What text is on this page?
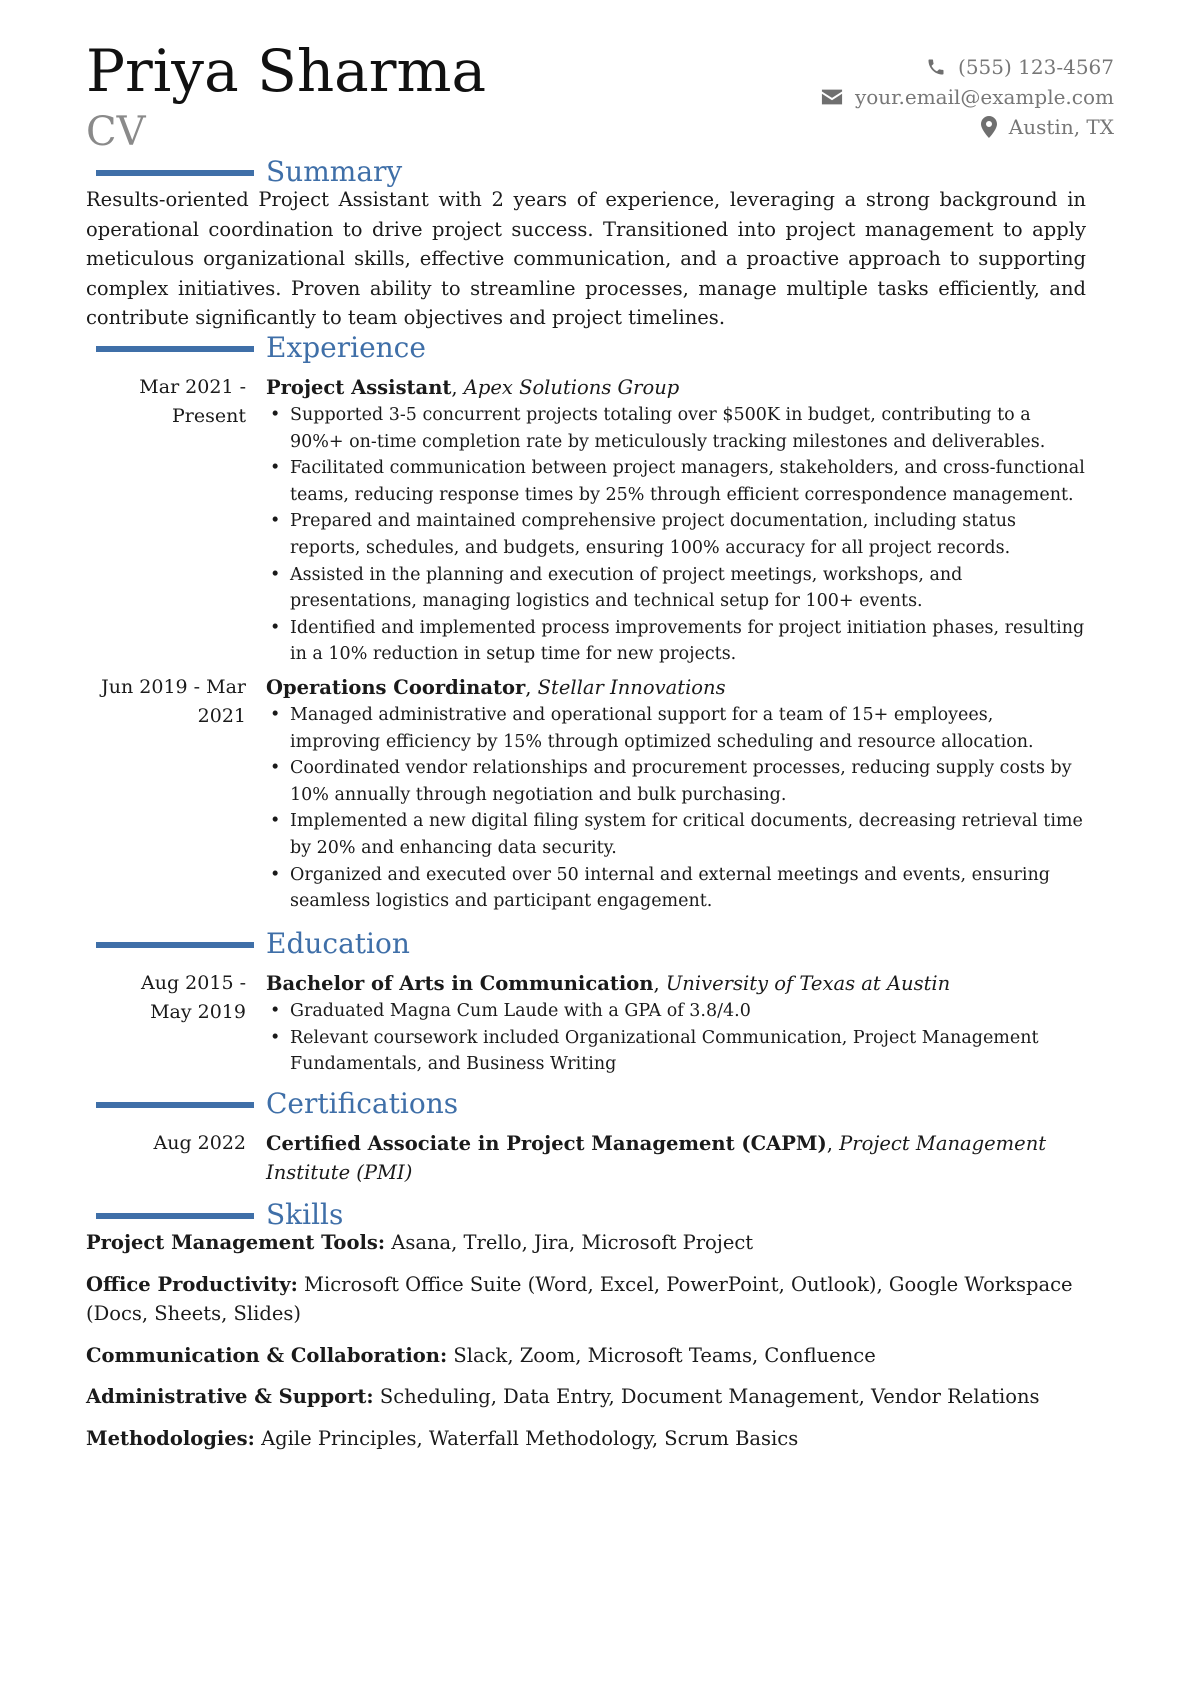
Priya Sharma
CV
(555) 123-4567
your.email@example.com
Austin, TX
Summary
Results-oriented Project Assistant with 2 years of experience, leveraging a strong background in operational coordination to drive project success. Transitioned into project management to apply meticulous organizational skills, effective communication, and a proactive approach to supporting complex initiatives. Proven ability to streamline processes, manage multiple tasks efficiently, and contribute significantly to team objectives and project timelines.
Experience
Mar 2021 -
Present
Project Assistant, Apex Solutions Group
• Supported 3-5 concurrent projects totaling over $500K in budget, contributing to a 90%+ on-time completion rate by meticulously tracking milestones and deliverables.
• Facilitated communication between project managers, stakeholders, and cross-functional teams, reducing response times by 25% through efficient correspondence management.
• Prepared and maintained comprehensive project documentation, including status reports, schedules, and budgets, ensuring 100% accuracy for all project records.
• Assisted in the planning and execution of project meetings, workshops, and presentations, managing logistics and technical setup for 100+ events.
• Identified and implemented process improvements for project initiation phases, resulting in a 10% reduction in setup time for new projects.
Jun 2019 - Mar
2021
Operations Coordinator, Stellar Innovations
• Managed administrative and operational support for a team of 15+ employees, improving efficiency by 15% through optimized scheduling and resource allocation.
• Coordinated vendor relationships and procurement processes, reducing supply costs by 10% annually through negotiation and bulk purchasing.
• Implemented a new digital filing system for critical documents, decreasing retrieval time by 20% and enhancing data security.
• Organized and executed over 50 internal and external meetings and events, ensuring seamless logistics and participant engagement.
Education
Aug 2015 -
May 2019
Bachelor of Arts in Communication, University of Texas at Austin
• Graduated Magna Cum Laude with a GPA of 3.8/4.0
• Relevant coursework included Organizational Communication, Project Management Fundamentals, and Business Writing
Certifications
Aug 2022 Certified Associate in Project Management (CAPM), Project Management Institute (PMI)
Skills
Project Management Tools: Asana, Trello, Jira, Microsoft Project
Office Productivity: Microsoft Office Suite (Word, Excel, PowerPoint, Outlook), Google Workspace (Docs, Sheets, Slides)
Communication & Collaboration: Slack, Zoom, Microsoft Teams, Confluence
Administrative & Support: Scheduling, Data Entry, Document Management, Vendor Relations
Methodologies: Agile Principles, Waterfall Methodology, Scrum Basics
